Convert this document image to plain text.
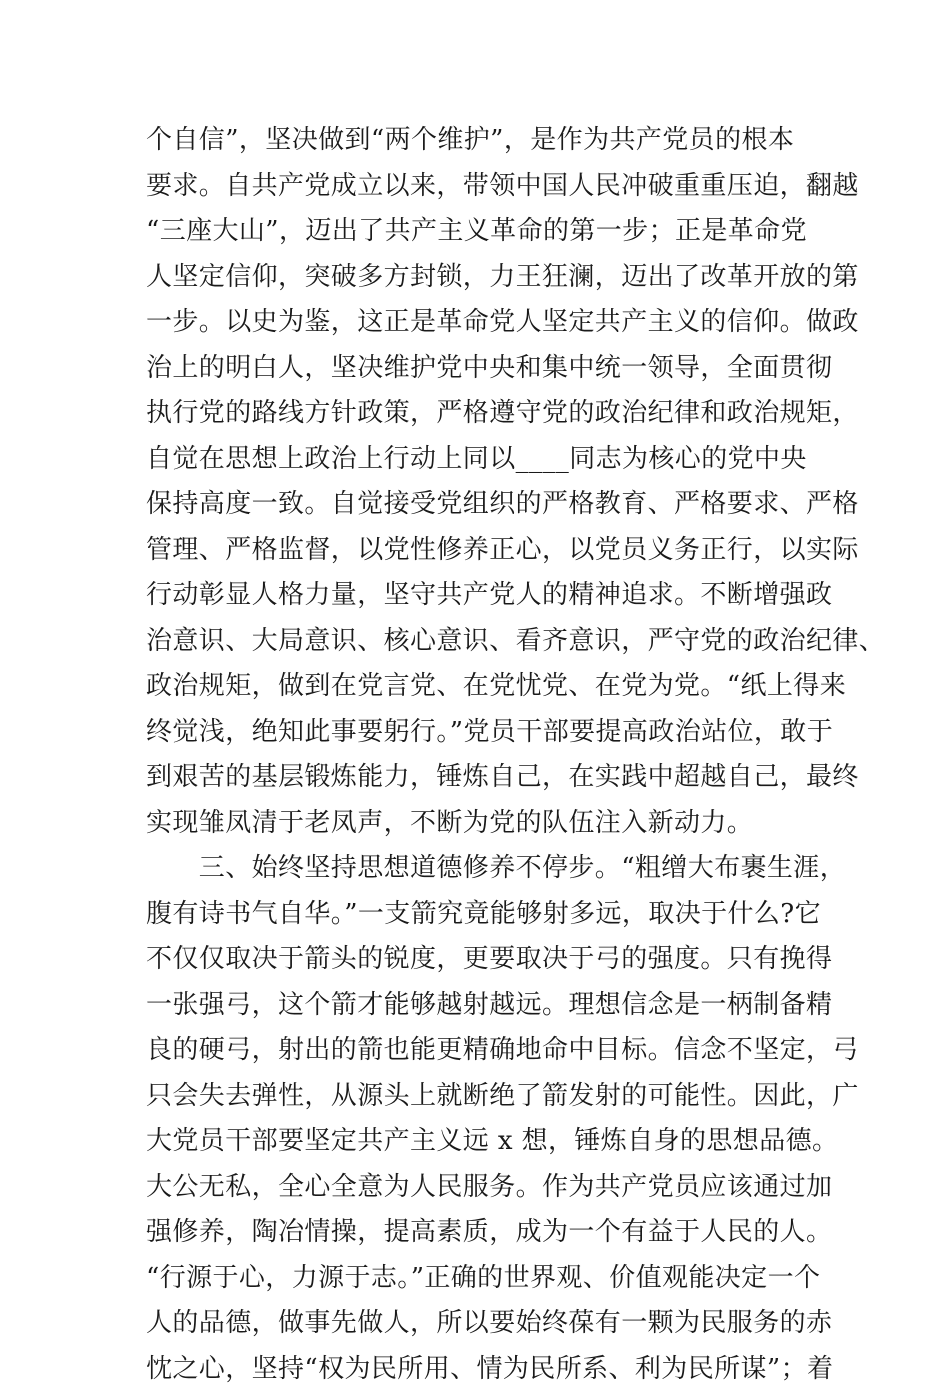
个自信”，坚决做到“两个维护”，是作为共产党员的根本
要求。自共产党成立以来，带领中国人民冲破重重压迫，翻越
“三座大山”，迈出了共产主义革命的第一步；正是革命党
人坚定信仰，突破多方封锁，力王狂澜，迈出了改革开放的第
一步。以史为鉴，这正是革命党人坚定共产主义的信仰。做政
治上的明白人，坚决维护党中央和集中统一领导，全面贯彻
执行党的路线方针政策，严格遵守党的政治纪律和政治规矩，
自觉在思想上政治上行动上同以____同志为核心的党中央
保持高度一致。自觉接受党组织的严格教育、严格要求、严格
管理、严格监督，以党性修养正心，以党员义务正行，以实际
行动彰显人格力量，坚守共产党人的精神追求。不断增强政
治意识、大局意识、核心意识、看齐意识，严守党的政治纪律、
政治规矩，做到在党言党、在党忧党、在党为党。“纸上得来
终觉浅，绝知此事要躬行。”党员干部要提高政治站位，敢于
到艰苦的基层锻炼能力，锤炼自己，在实践中超越自己，最终
实现雏凤清于老凤声，不断为党的队伍注入新动力。
　　三、始终坚持思想道德修养不停步。“粗缯大布裹生涯，
腹有诗书气自华。”一支箭究竟能够射多远，取决于什么?它
不仅仅取决于箭头的锐度，更要取决于弓的强度。只有挽得
一张强弓，这个箭才能够越射越远。理想信念是一柄制备精
良的硬弓，射出的箭也能更精确地命中目标。信念不坚定，弓
只会失去弹性，从源头上就断绝了箭发射的可能性。因此，广
大党员干部要坚定共产主义远 x 想，锤炼自身的思想品德。
大公无私，全心全意为人民服务。作为共产党员应该通过加
强修养，陶冶情操，提高素质，成为一个有益于人民的人。
“行源于心，力源于志。”正确的世界观、价值观能决定一个
人的品德，做事先做人，所以要始终葆有一颗为民服务的赤
忱之心，坚持“权为民所用、情为民所系、利为民所谋”；着
